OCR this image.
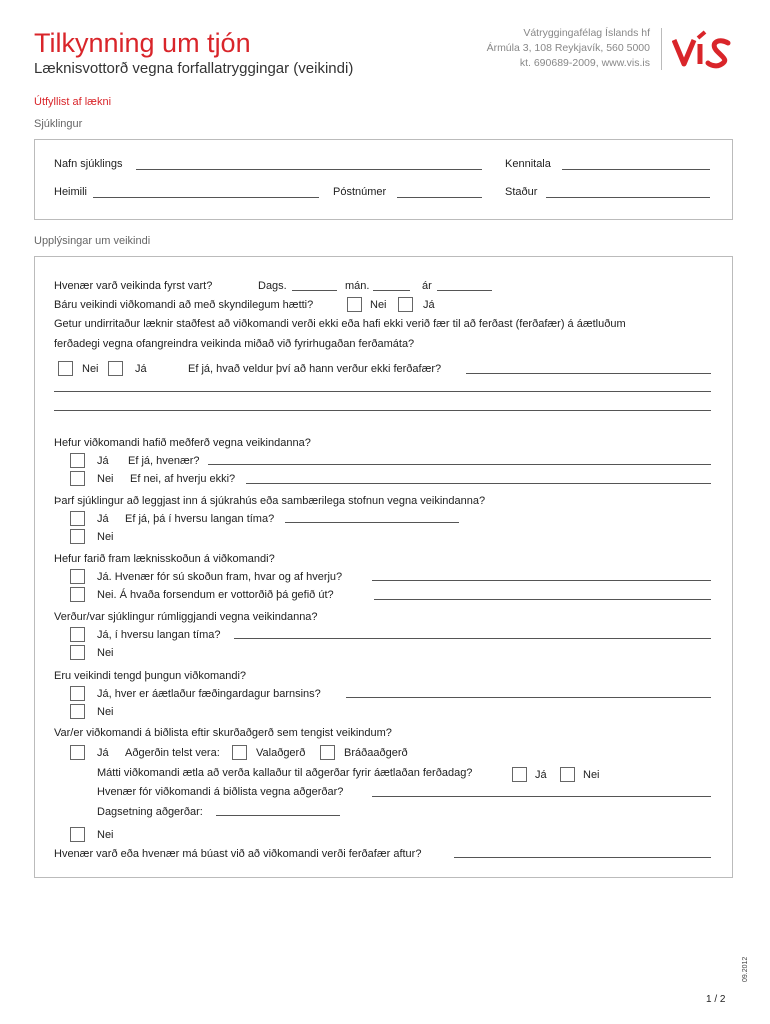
Tilkynning um tjón
Læknisvottorð vegna forfallatryggingar (veikindi)
Vátryggingafélag Íslands hf
Ármúla 3, 108 Reykjavík, 560 5000
kt. 690689-2009, www.vis.is
Útfyllist af lækni
Sjúklingur
Nafn sjúklings	Kennitala
Heimili	Póstnúmer	Staður
Upplýsingar um veikindi
Hvenær varð veikinda fyrst vart?	Dags.	mán.	ár
Báru veikindi viðkomandi að með skyndilegum hætti?	Nei	Já
Getur undirritaður læknir staðfest að viðkomandi verði ekki eða hafi ekki verið fær til að ferðast (ferðafær) á áætluðum
ferðadegi vegna ofangreindra veikinda miðað við fyrirhugaðan ferðamáta?
Nei	Já	Ef já, hvað veldur því að hann verður ekki ferðafær?
Hefur viðkomandi hafið meðferð vegna veikindanna?
Já Ef já, hvenær?
Nei Ef nei, af hverju ekki?
Þarf sjúklingur að leggjast inn á sjúkrahús eða sambærilega stofnun vegna veikindanna?
Já Ef já, þá í hversu langan tíma?
Nei
Hefur farið fram læknisskoðun á viðkomandi?
Já. Hvenær fór sú skoðun fram, hvar og af hverju?
Nei. Á hvaða forsendum er vottorðið þá gefið út?
Verður/var sjúklingur rúmliggjandi vegna veikindanna?
Já, í hversu langan tíma?
Nei
Eru veikindi tengd þungun viðkomandi?
Já, hver er áætlaður fæðingardagur barnsins?
Nei
Var/er viðkomandi á biðlista eftir skurðaðgerð sem tengist veikindum?
Já Aðgerðin telst vera:	Valaðgerð	Bráðaaðgerð
Mátti viðkomandi ætla að verða kallaður til aðgerðar fyrir áætlaðan ferðadag?	Já	Nei
Hvenær fór viðkomandi á biðlista vegna aðgerðar?
Dagsetning aðgerðar:
Nei
Hvenær varð eða hvenær má búast við að viðkomandi verði ferðafær aftur?
1 / 2
09.2012
